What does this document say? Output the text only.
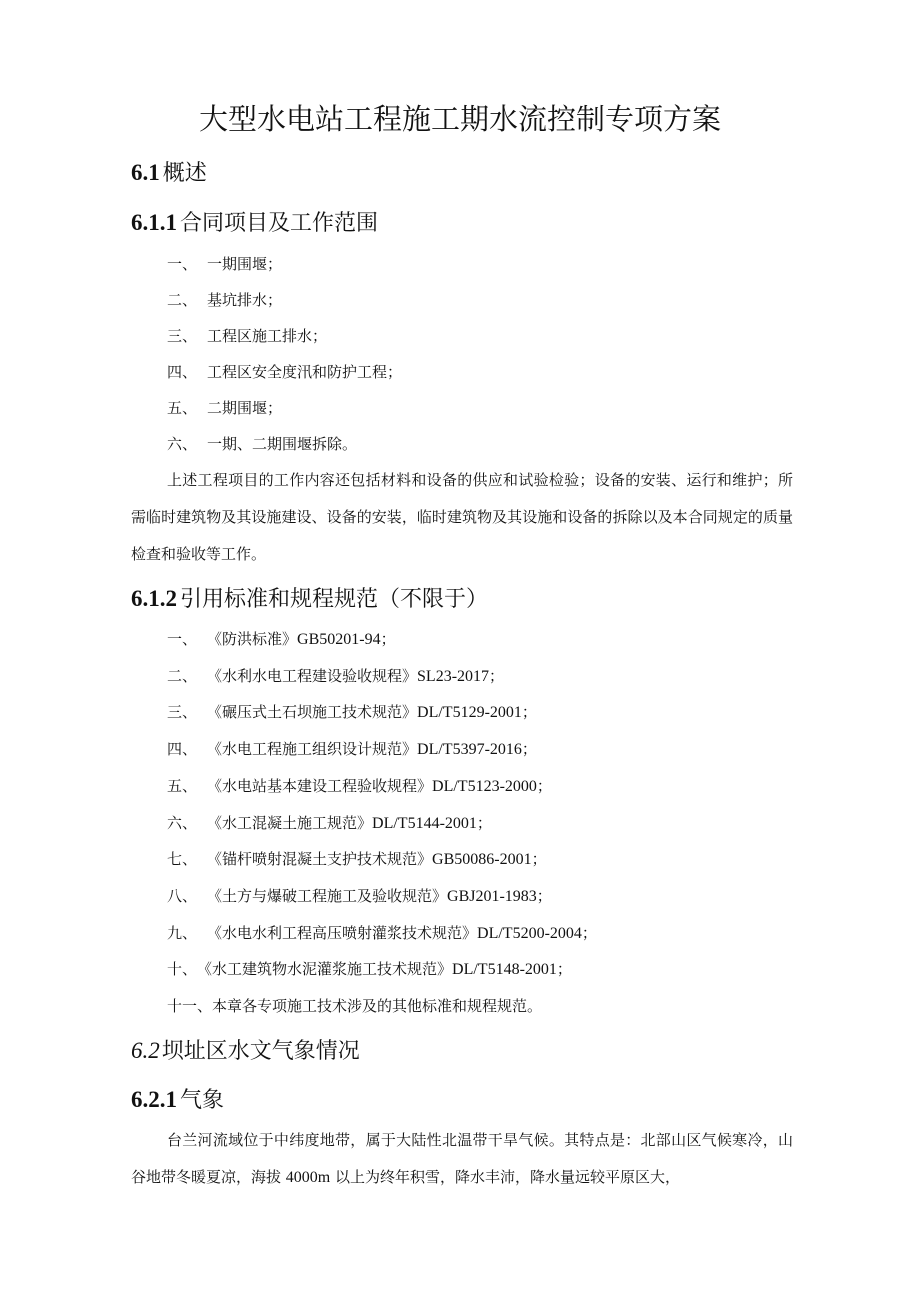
大型水电站工程施工期水流控制专项方案
6.1 概述
6.1.1 合同项目及工作范围
一、 一期围堰；
二、 基坑排水；
三、 工程区施工排水；
四、 工程区安全度汛和防护工程；
五、 二期围堰；
六、 一期、二期围堰拆除。
上述工程项目的工作内容还包括材料和设备的供应和试验检验；设备的安装、运行和维护；所需临时建筑物及其设施建设、设备的安装，临时建筑物及其设施和设备的拆除以及本合同规定的质量检查和验收等工作。
6.1.2 引用标准和规程规范（不限于）
一、 《防洪标准》GB50201-94；
二、 《水利水电工程建设验收规程》SL23-2017；
三、 《碾压式土石坝施工技术规范》DL/T5129-2001；
四、 《水电工程施工组织设计规范》DL/T5397-2016；
五、 《水电站基本建设工程验收规程》DL/T5123-2000；
六、 《水工混凝土施工规范》DL/T5144-2001；
七、 《锚杆喷射混凝土支护技术规范》GB50086-2001；
八、 《土方与爆破工程施工及验收规范》GBJ201-1983；
九、 《水电水利工程高压喷射灌浆技术规范》DL/T5200-2004；
十、《水工建筑物水泥灌浆施工技术规范》DL/T5148-2001；
十一、本章各专项施工技术涉及的其他标准和规程规范。
6.2坝址区水文气象情况
6.2.1 气象
台兰河流域位于中纬度地带，属于大陆性北温带干旱气候。其特点是：北部山区气候寒冷，山谷地带冬暖夏凉，海拔 4000m 以上为终年积雪，降水丰沛，降水量远较平原区大，
